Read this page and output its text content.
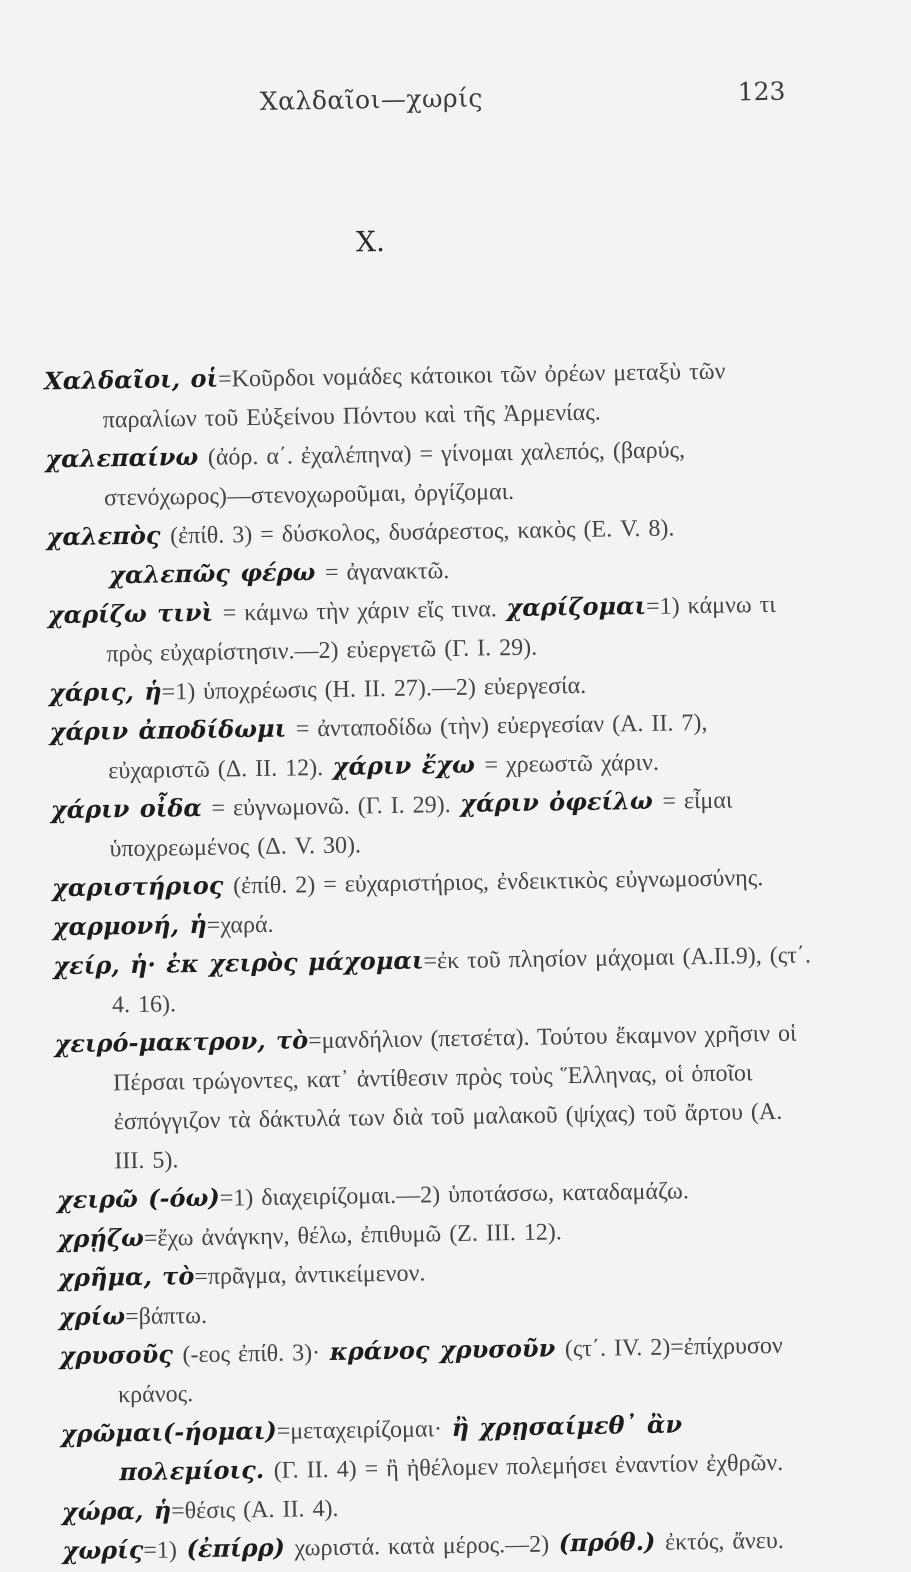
Χαλδαῖοι—χωρίς	123
Χ.

Χαλδαῖοι, οἱ=Κοῦρδοι νομάδες κάτοικοι τῶν ὀρέων μεταξὺ τῶν παραλίων τοῦ Εὐξείνου Πόντου καὶ τῆς Ἀρμενίας.

χαλεπαίνω (ἀόρ. α΄. ἐχαλέπηνα) = γίνομαι χαλεπός, (βαρύς, στενόχωρος)—στενοχωροῦμαι, ὀργίζομαι.

χαλεπὸς (ἐπίθ. 3) = δύσκολος, δυσάρεστος, κακὸς (Ε. V. 8).

χαλεπῶς φέρω = ἀγανακτῶ.

χαρίζω τινὶ = κάμνω τὴν χάριν εἴς τινα. χαρίζομαι=1) κάμνω τι πρὸς εὐχαρίστησιν.—2) εὐεργετῶ (Γ. I. 29).

χάρις, ἡ=1) ὑποχρέωσις (Η. II. 27).—2) εὐεργεσία.

χάριν ἀποδίδωμι = ἀνταποδίδω (τὴν) εὐεργεσίαν (Α. II. 7), εὐχαριστῶ (Δ. II. 12). χάριν ἔχω = χρεωστῶ χάριν.

χάριν οἶδα = εὐγνωμονῶ. (Γ. I. 29). χάριν ὀφείλω = εἶμαι ὑποχρεωμένος (Δ. V. 30).

χαριστήριος (ἐπίθ. 2) = εὐχαριστήριος, ἐνδεικτικὸς εὐγνωμοσύνης.

χαρμονή, ἡ=χαρά.

χείρ, ἡ· ἐκ χειρὸς μάχομαι=ἐκ τοῦ πλησίον μάχομαι (Α.II.9), (ςτ΄. 4. 16).

χειρό-μακτρον, τὸ=μανδήλιον (πετσέτα). Τούτου ἔκαμνον χρῆσιν οἱ Πέρσαι τρώγοντες, κατ᾽ ἀντίθεσιν πρὸς τοὺς Ἕλληνας, οἱ ὁποῖοι ἐσπόγγιζον τὰ δάκτυλά των διὰ τοῦ μαλακοῦ (ψίχας) τοῦ ἄρτου (Α. III. 5).

χειρῶ (-όω)=1) διαχειρίζομαι.—2) ὑποτάσσω, καταδαμάζω.

χρῄζω=ἔχω ἀνάγκην, θέλω, ἐπιθυμῶ (Ζ. III. 12).

χρῆμα, τὸ=πρᾶγμα, ἀντικείμενον.

χρίω=βάπτω.

χρυσοῦς (-εος ἐπίθ. 3)· κράνος χρυσοῦν (ςτ΄. IV. 2)=ἐπίχρυσον κράνος.

χρῶμαι(-ήομαι)=μεταχειρίζομαι· ἢ χρῃσαίμεθ᾽ ἂν πολεμίοις. (Γ. II. 4) = ἢ ἠθέλομεν πολεμήσει ἐναντίον ἐχθρῶν.

χώρα, ἡ=θέσις (Α. II. 4).

χωρίς=1) (ἐπίρρ) χωριστά. κατὰ μέρος.—2) (πρόθ.) ἐκτός, ἄνευ.
